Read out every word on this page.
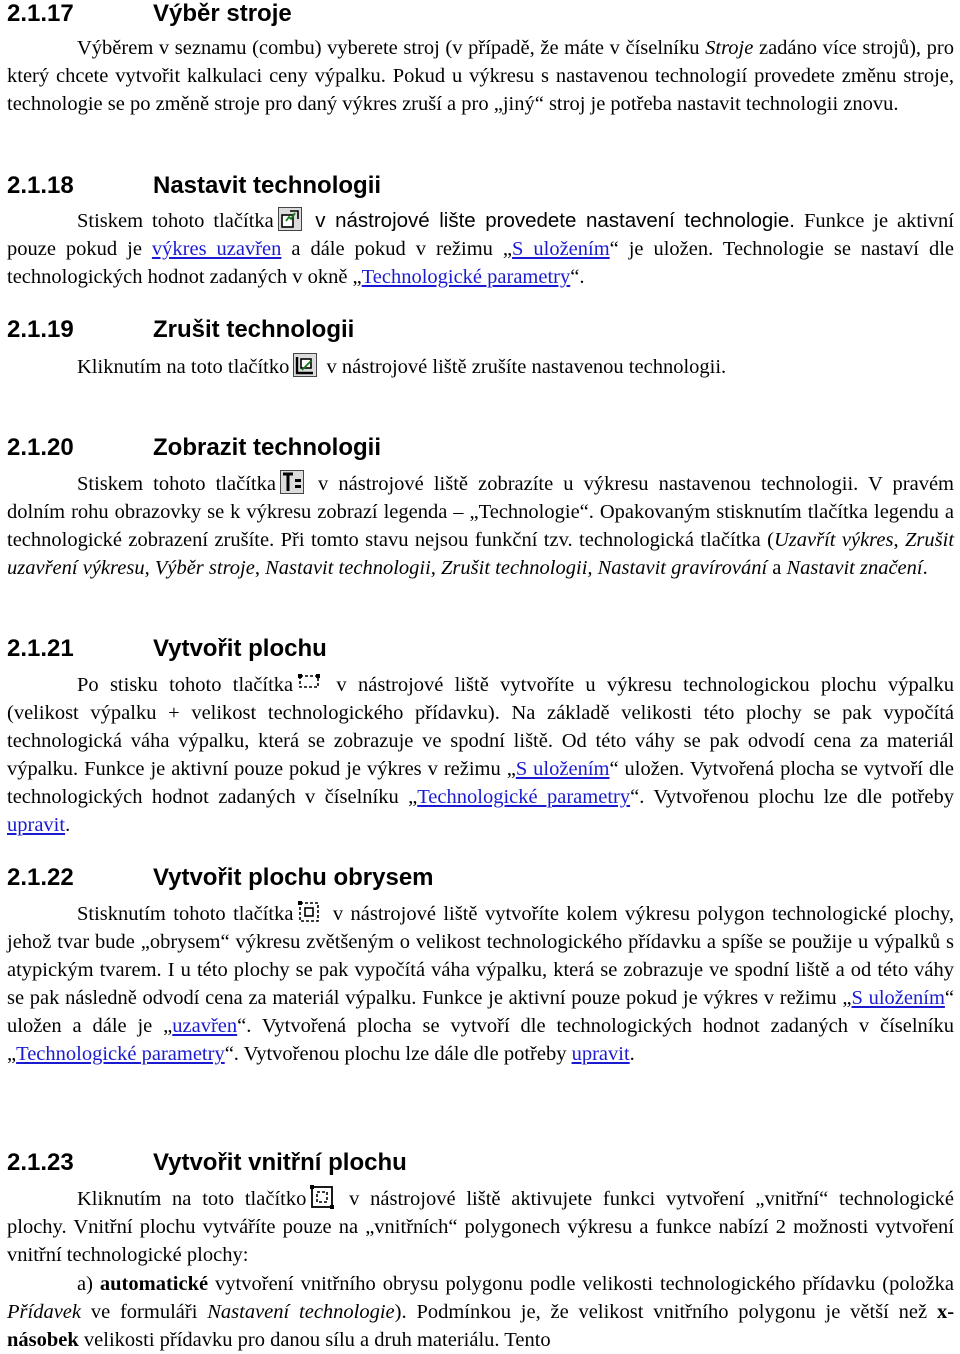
2.1.17	Výběr stroje

Výběrem v seznamu (combu) vyberete stroj (v případě, že máte v číselníku Stroje zadáno více strojů), pro který chcete vytvořit kalkulaci ceny výpalku. Pokud u výkresu s nastavenou technologií provedete změnu stroje, technologie se po změně stroje pro daný výkres zruší a pro „jiný“ stroj je potřeba nastavit technologii znovu.

2.1.18	Nastavit technologii

Stiskem tohoto tlačítka
v nástrojové lište provedete nastavení technologie. Funkce je aktivní pouze pokud je výkres uzavřen a dále pokud v režimu „S uložením“ je uložen. Technologie se nastaví dle technologických hodnot zadaných v okně „Technologické parametry“.

2.1.19	Zrušit technologii

Kliknutím na toto tlačítko
v nástrojové liště zrušíte nastavenou technologii.

2.1.20	Zobrazit technologii

Stiskem tohoto tlačítka
v nástrojové liště zobrazíte u výkresu nastavenou technologii. V pravém dolním rohu obrazovky se k výkresu zobrazí legenda – „Technologie“. Opakovaným stisknutím tlačítka legendu a technologické zobrazení zrušíte. Při tomto stavu nejsou funkční tzv. technologická tlačítka (Uzavřít výkres, Zrušit uzavření výkresu, Výběr stroje, Nastavit technologii, Zrušit technologii, Nastavit gravírování a Nastavit značení.

2.1.21	Vytvořit plochu

Po stisku tohoto tlačítka
v nástrojové liště vytvoříte u výkresu technologickou plochu výpalku (velikost výpalku + velikost technologického přídavku). Na základě velikosti této plochy se pak vypočítá technologická váha výpalku, která se zobrazuje ve spodní liště. Od této váhy se pak odvodí cena za materiál výpalku. Funkce je aktivní pouze pokud je výkres v režimu „S uložením“ uložen. Vytvořená plocha se vytvoří dle technologických hodnot zadaných v číselníku „Technologické parametry“. Vytvořenou plochu lze dle potřeby upravit.

2.1.22	Vytvořit plochu obrysem

Stisknutím tohoto tlačítka
v nástrojové liště vytvoříte kolem výkresu polygon technologické plochy, jehož tvar bude „obrysem“ výkresu zvětšeným o velikost technologického přídavku a spíše se použije u výpalků s atypickým tvarem. I u této plochy se pak vypočítá váha výpalku, která se zobrazuje ve spodní liště a od této váhy se pak následně odvodí cena za materiál výpalku. Funkce je aktivní pouze pokud je výkres v režimu „S uložením“ uložen a dále je „uzavřen“. Vytvořená plocha se vytvoří dle technologických hodnot zadaných v číselníku „Technologické parametry“. Vytvořenou plochu lze dále dle potřeby upravit.

2.1.23	Vytvořit vnitřní plochu

Kliknutím na toto tlačítko
v nástrojové liště aktivujete funkci vytvoření „vnitřní“ technologické plochy. Vnitřní plochu vytváříte pouze na „vnitřních“ polygonech výkresu a funkce nabízí 2 možnosti vytvoření vnitřní technologické plochy:

a) automatické vytvoření vnitřního obrysu polygonu podle velikosti technologického přídavku (položka Přídavek ve formuláři Nastavení technologie). Podmínkou je, že velikost vnitřního polygonu je větší než x-násobek velikosti přídavku pro danou sílu a druh materiálu. Tento
